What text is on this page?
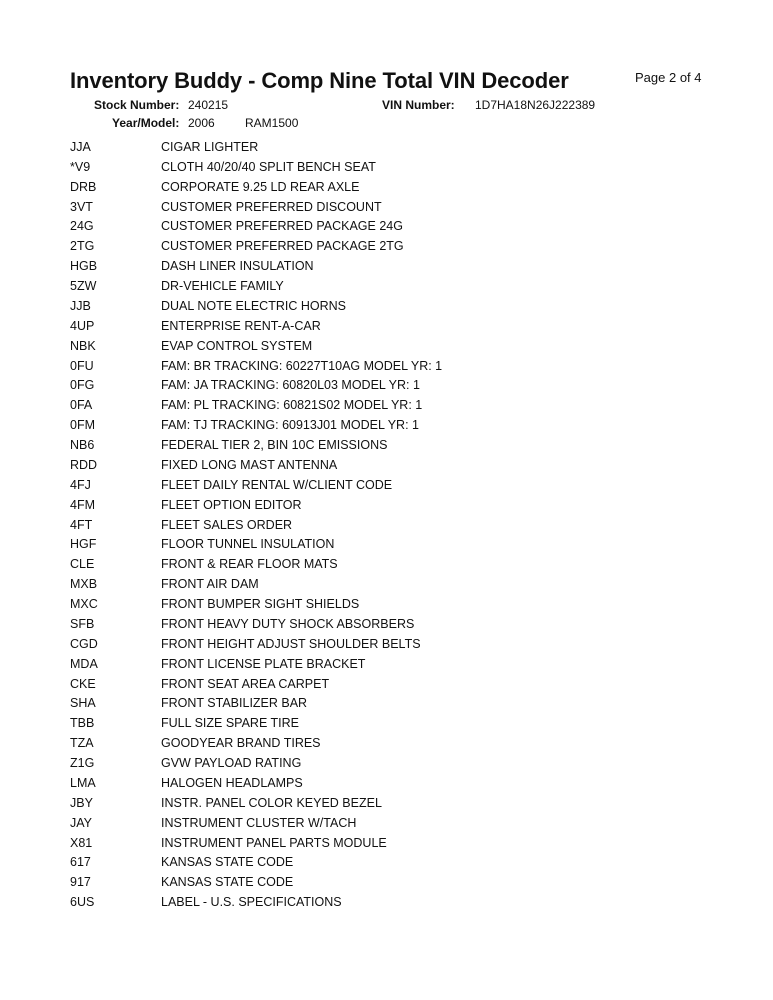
Inventory Buddy - Comp Nine Total VIN Decoder	Page 2 of 4
Stock Number: 240215	VIN Number: 1D7HA18N26J222389
Year/Model: 2006	RAM1500
JJA	CIGAR LIGHTER
*V9	CLOTH 40/20/40 SPLIT BENCH SEAT
DRB	CORPORATE 9.25 LD REAR AXLE
3VT	CUSTOMER PREFERRED DISCOUNT
24G	CUSTOMER PREFERRED PACKAGE 24G
2TG	CUSTOMER PREFERRED PACKAGE 2TG
HGB	DASH LINER INSULATION
5ZW	DR-VEHICLE FAMILY
JJB	DUAL NOTE ELECTRIC HORNS
4UP	ENTERPRISE RENT-A-CAR
NBK	EVAP CONTROL SYSTEM
0FU	FAM: BR TRACKING: 60227T10AG MODEL YR: 1
0FG	FAM: JA TRACKING: 60820L03 MODEL YR: 1
0FA	FAM: PL TRACKING: 60821S02 MODEL YR: 1
0FM	FAM: TJ TRACKING: 60913J01 MODEL YR: 1
NB6	FEDERAL TIER 2, BIN 10C EMISSIONS
RDD	FIXED LONG MAST ANTENNA
4FJ	FLEET DAILY RENTAL W/CLIENT CODE
4FM	FLEET OPTION EDITOR
4FT	FLEET SALES ORDER
HGF	FLOOR TUNNEL INSULATION
CLE	FRONT & REAR FLOOR MATS
MXB	FRONT AIR DAM
MXC	FRONT BUMPER SIGHT SHIELDS
SFB	FRONT HEAVY DUTY SHOCK ABSORBERS
CGD	FRONT HEIGHT ADJUST SHOULDER BELTS
MDA	FRONT LICENSE PLATE BRACKET
CKE	FRONT SEAT AREA CARPET
SHA	FRONT STABILIZER BAR
TBB	FULL SIZE SPARE TIRE
TZA	GOODYEAR BRAND TIRES
Z1G	GVW PAYLOAD RATING
LMA	HALOGEN HEADLAMPS
JBY	INSTR. PANEL COLOR KEYED BEZEL
JAY	INSTRUMENT CLUSTER W/TACH
X81	INSTRUMENT PANEL PARTS MODULE
617	KANSAS STATE CODE
917	KANSAS STATE CODE
6US	LABEL - U.S. SPECIFICATIONS
